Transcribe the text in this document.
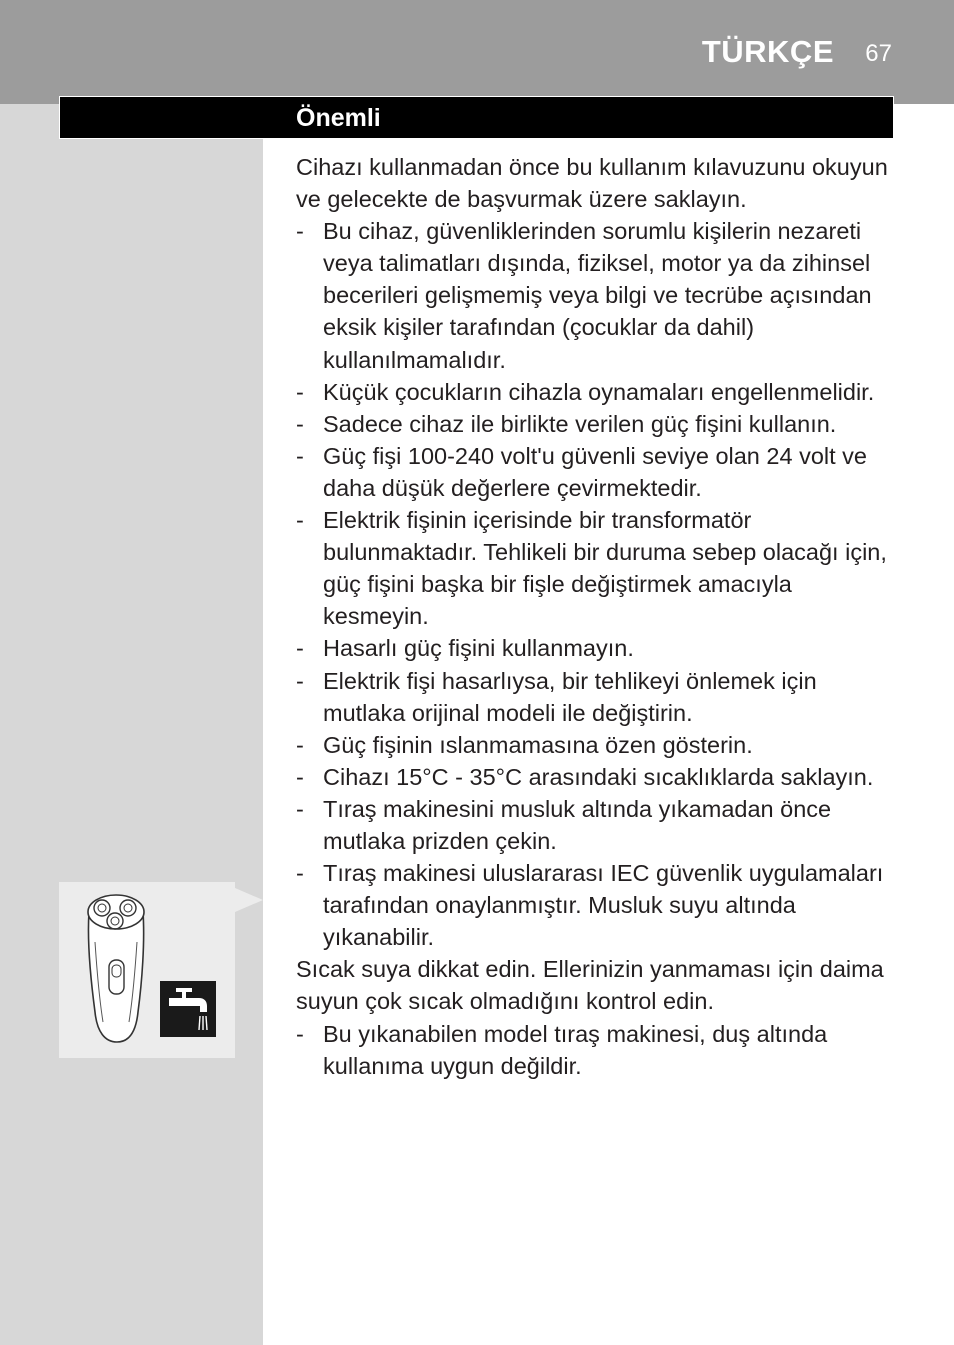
TÜRKÇE 67
Önemli

Cihazı kullanmadan önce bu kullanım kılavuzunu okuyun ve gelecekte de başvurmak üzere saklayın.

- Bu cihaz, güvenliklerinden sorumlu kişilerin nezareti veya talimatları dışında, fiziksel, motor ya da zihinsel becerileri gelişmemiş veya bilgi ve tecrübe açısından eksik kişiler tarafından (çocuklar da dahil) kullanılmamalıdır.
- Küçük çocukların cihazla oynamaları engellenmelidir.
- Sadece cihaz ile birlikte verilen güç fişini kullanın.
- Güç fişi 100-240 volt'u güvenli seviye olan 24 volt ve daha düşük değerlere çevirmektedir.
- Elektrik fişinin içerisinde bir transformatör bulunmaktadır. Tehlikeli bir duruma sebep olacağı için, güç fişini başka bir fişle değiştirmek amacıyla kesmeyin.
- Hasarlı güç fişini kullanmayın.
- Elektrik fişi hasarlıysa, bir tehlikeyi önlemek için mutlaka orijinal modeli ile değiştirin.
- Güç fişinin ıslanmamasına özen gösterin.
- Cihazı 15°C - 35°C arasındaki sıcaklıklarda saklayın.
- Tıraş makinesini musluk altında yıkamadan önce mutlaka prizden çekin.
- Tıraş makinesi uluslararası IEC güvenlik uygulamaları tarafından onaylanmıştır. Musluk suyu altında yıkanabilir.

Sıcak suya dikkat edin. Ellerinizin yanmaması için daima suyun çok sıcak olmadığını kontrol edin.

- Bu yıkanabilen model tıraş makinesi, duş altında kullanıma uygun değildir.
